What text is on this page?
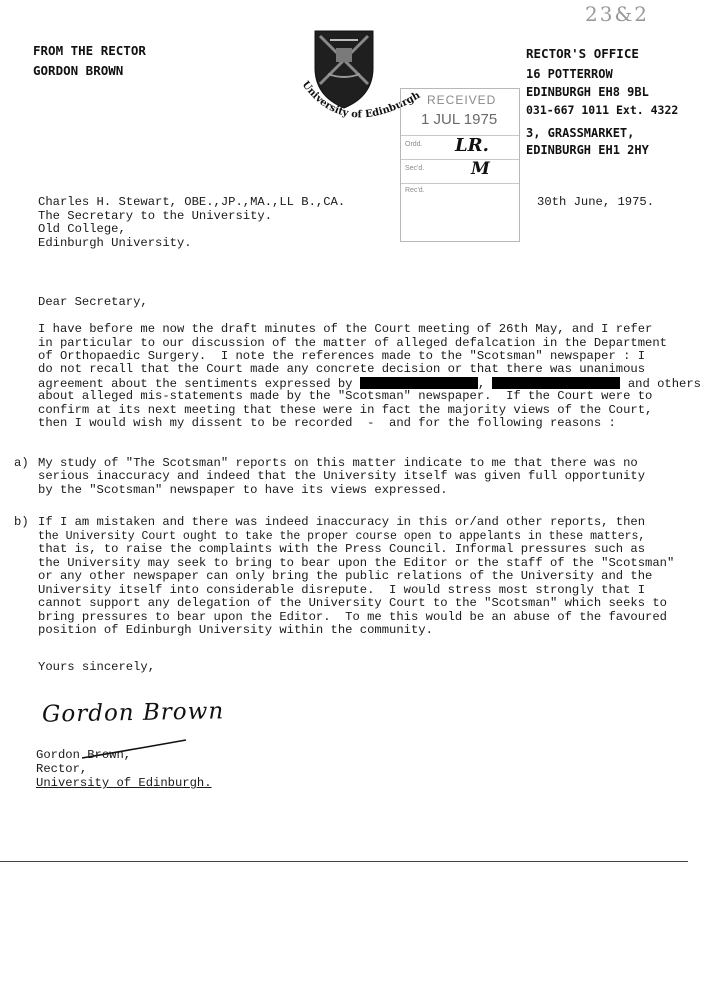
23&2
FROM THE RECTOR
GORDON BROWN
University of Edinburgh
RECTOR'S OFFICE
16 POTTERROW
EDINBURGH EH8 9BL
031-667 1011 Ext. 4322
3, GRASSMARKET,
EDINBURGH EH1 2HY
RECEIVED
1 JUL 1975
Ordd. LR.
Sec'd.	M
Rec'd.
Charles H. Stewart, OBE.,JP.,MA.,LL B.,CA.
The Secretary to the University.
Old College,
Edinburgh University.
30th June, 1975.
Dear Secretary,
I have before me now the draft minutes of the Court meeting of 26th May, and I refer
in particular to our discussion of the matter of alleged defalcation in the Department
of Orthopaedic Surgery.  I note the references made to the "Scotsman" newspaper : I
do not recall that the Court made any concrete decision or that there was unanimous
agreement about the sentiments expressed by	,	and others
about alleged mis-statements made by the "Scotsman" newspaper.  If the Court were to
confirm at its next meeting that these were in fact the majority views of the Court,
then I would wish my dissent to be recorded  -  and for the following reasons :
a) My study of "The Scotsman" reports on this matter indicate to me that there was no
serious inaccuracy and indeed that the University itself was given full opportunity
by the "Scotsman" newspaper to have its views expressed.
b) If I am mistaken and there was indeed inaccuracy in this or/and other reports, then
the University Court ought to take the proper course open to appelants in these matters,
that is, to raise the complaints with the Press Council. Informal pressures such as
the University may seek to bring to bear upon the Editor or the staff of the "Scotsman"
or any other newspaper can only bring the public relations of the University and the
University itself into considerable disrepute.  I would stress most strongly that I
cannot support any delegation of the University Court to the "Scotsman" which seeks to
bring pressures to bear upon the Editor.  To me this would be an abuse of the favoured
position of Edinburgh University within the community.
Yours sincerely,
Gordon Brown
Gordon Brown,
Rector,
University of Edinburgh.
